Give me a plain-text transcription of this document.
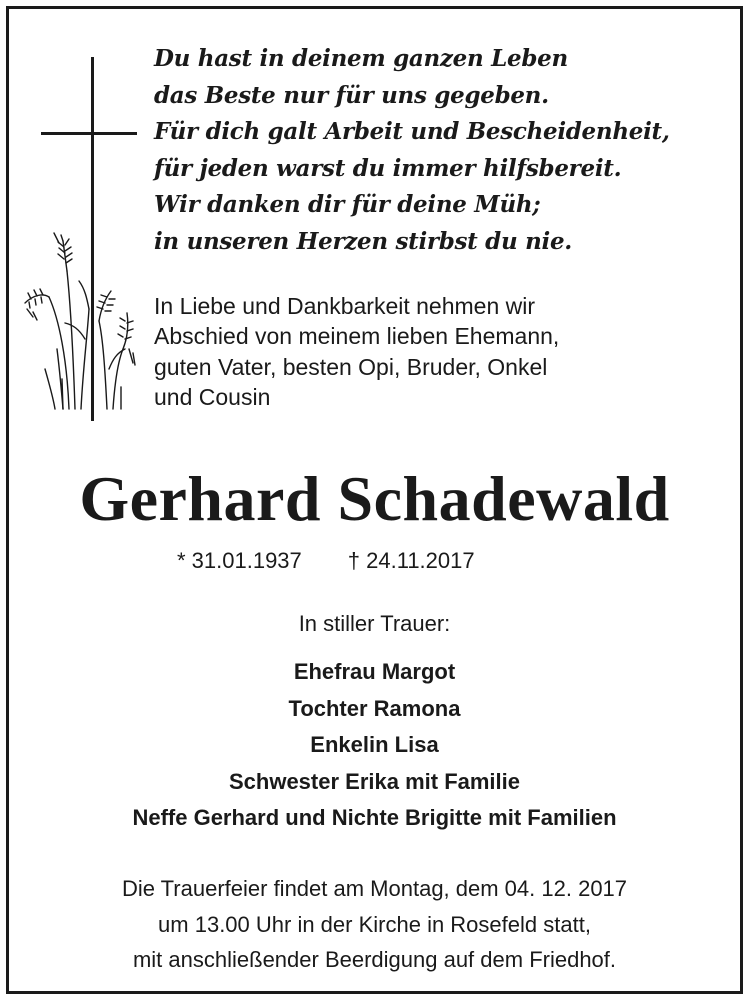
Du hast in deinem ganzen Leben
das Beste nur für uns gegeben.
Für dich galt Arbeit und Bescheidenheit,
für jeden warst du immer hilfsbereit.
Wir danken dir für deine Müh;
in unseren Herzen stirbst du nie.
In Liebe und Dankbarkeit nehmen wir
Abschied von meinem lieben Ehemann,
guten Vater, besten Opi, Bruder, Onkel
und Cousin
Gerhard Schadewald
* 31.01.1937 † 24.11.2017
In stiller Trauer:
Ehefrau Margot
Tochter Ramona
Enkelin Lisa
Schwester Erika mit Familie
Neffe Gerhard und Nichte Brigitte mit Familien
Die Trauerfeier findet am Montag, dem 04. 12. 2017
um 13.00 Uhr in der Kirche in Rosefeld statt,
mit anschließender Beerdigung auf dem Friedhof.
